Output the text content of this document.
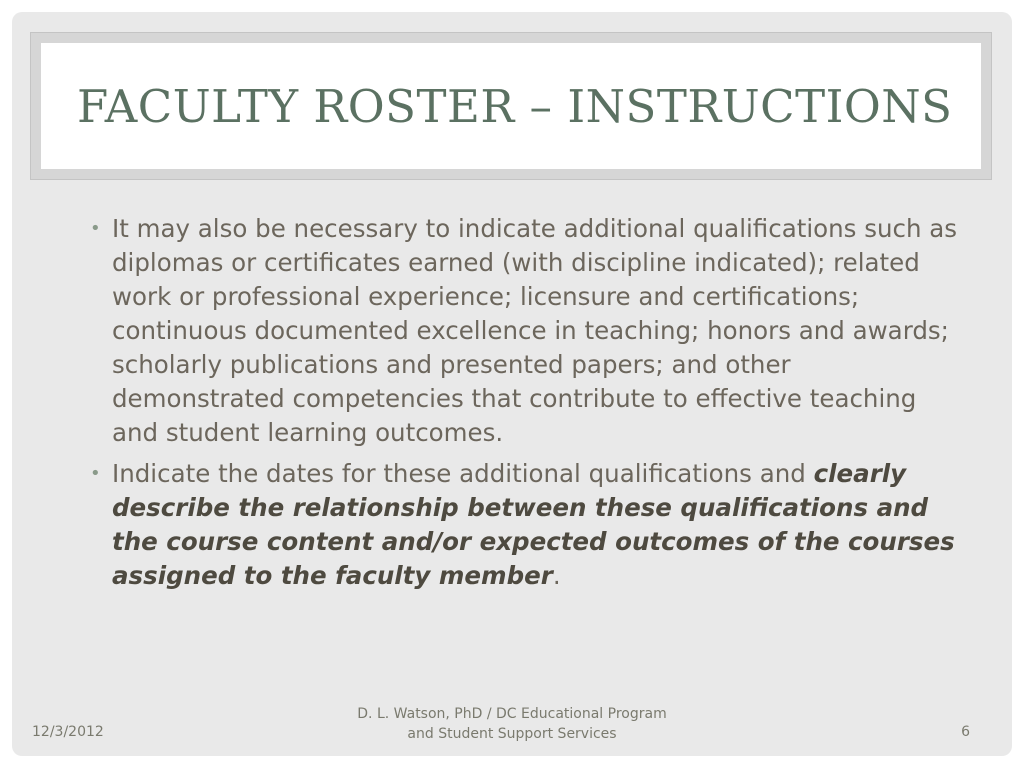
FACULTY ROSTER – INSTRUCTIONS
• It may also be necessary to indicate additional qualifications such as diplomas or certificates earned (with discipline indicated); related work or professional experience; licensure and certifications; continuous documented excellence in teaching; honors and awards; scholarly publications and presented papers; and other demonstrated competencies that contribute to effective teaching and student learning outcomes.
• Indicate the dates for these additional qualifications and clearly describe the relationship between these qualifications and the course content and/or expected outcomes of the courses assigned to the faculty member.
12/3/2012
D. L. Watson, PhD / DC Educational Program and Student Support Services	6
